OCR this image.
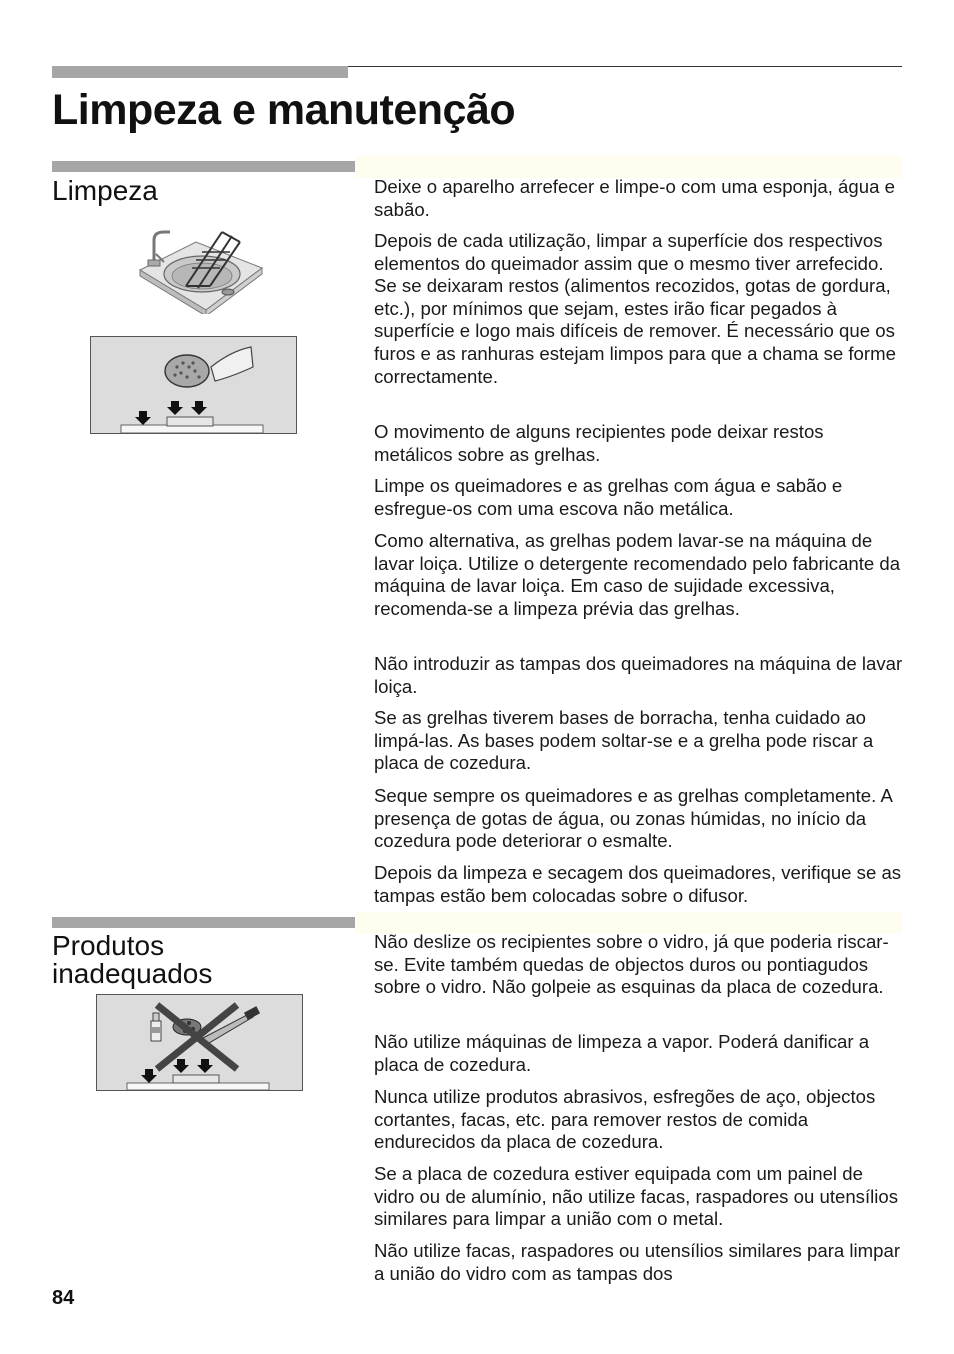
Limpeza e manutenção
Limpeza	Deixe o aparelho arrefecer e limpe-o com uma esponja, água e sabão.

Depois de cada utilização, limpar a superfície dos respectivos elementos do queimador assim que o mesmo tiver arrefecido. Se se deixaram restos (alimentos recozidos, gotas de gordura, etc.), por mínimos que sejam, estes irão ficar pegados à superfície e logo mais difíceis de remover. É necessário que os furos e as ranhuras estejam limpos para que a chama se forme correctamente.

O movimento de alguns recipientes pode deixar restos metálicos sobre as grelhas.

Limpe os queimadores e as grelhas com água e sabão e esfregue-os com uma escova não metálica.

Como alternativa, as grelhas podem lavar-se na máquina de lavar loiça. Utilize o detergente recomendado pelo fabricante da máquina de lavar loiça. Em caso de sujidade excessiva, recomenda-se a limpeza prévia das grelhas.

Não introduzir as tampas dos queimadores na máquina de lavar loiça.

Se as grelhas tiverem bases de borracha, tenha cuidado ao limpá-las. As bases podem soltar-se e a grelha pode riscar a placa de cozedura.

Seque sempre os queimadores e as grelhas completamente. A presença de gotas de água, ou zonas húmidas, no início da cozedura pode deteriorar o esmalte.

Depois da limpeza e secagem dos queimadores, verifique se as tampas estão bem colocadas sobre o difusor.

Produtos inadequados

Não deslize os recipientes sobre o vidro, já que poderia riscar-se. Evite também quedas de objectos duros ou pontiagudos sobre o vidro. Não golpeie as esquinas da placa de cozedura.

Não utilize máquinas de limpeza a vapor. Poderá danificar a placa de cozedura.

Nunca utilize produtos abrasivos, esfregões de aço, objectos cortantes, facas, etc. para remover restos de comida endurecidos da placa de cozedura.

Se a placa de cozedura estiver equipada com um painel de vidro ou de alumínio, não utilize facas, raspadores ou utensílios similares para limpar a união com o metal.

Não utilize facas, raspadores ou utensílios similares para limpar a união do vidro com as tampas dos

84
